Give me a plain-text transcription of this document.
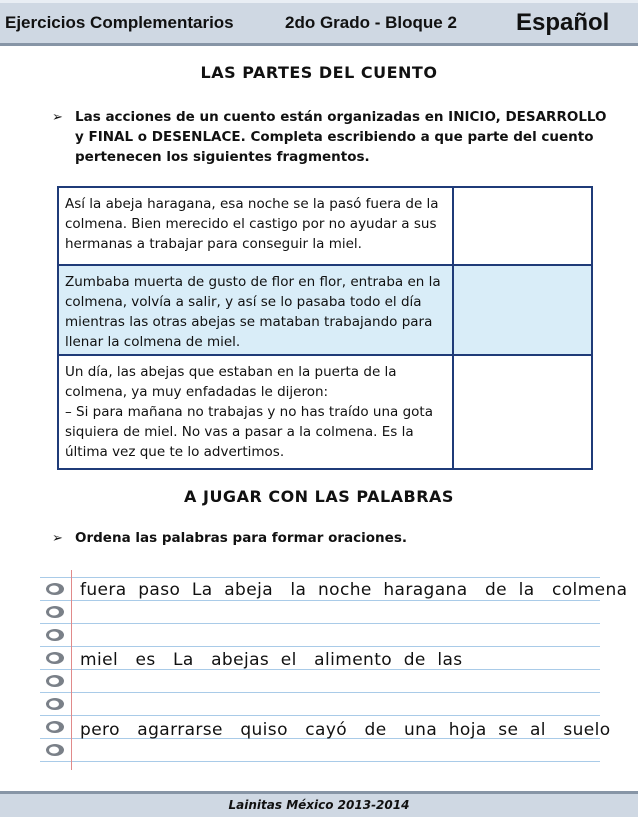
Ejercicios Complementarios	2do Grado - Bloque 2 Español
LAS PARTES DEL CUENTO
➢ Las acciones de un cuento están organizadas en INICIO, DESARROLLO
y FINAL o DESENLACE. Completa escribiendo a que parte del cuento
pertenecen los siguientes fragmentos.
Así la abeja haragana, esa noche se la pasó fuera de la
colmena. Bien merecido el castigo por no ayudar a sus
hermanas a trabajar para conseguir la miel.	

Zumbaba muerta de gusto de flor en flor, entraba en la
colmena, volvía a salir, y así se lo pasaba todo el día
mientras las otras abejas se mataban trabajando para
llenar la colmena de miel.	

Un día, las abejas que estaban en la puerta de la
colmena, ya muy enfadadas le dijeron:
– Si para mañana no trabajas y no has traído una gota
siquiera de miel. No vas a pasar a la colmena. Es la
última vez que te lo advertimos.	

A JUGAR CON LAS PALABRAS
➢ Ordena las palabras para formar oraciones.
fuera  paso  La  abeja   la  noche  haragana   de  la   colmena
miel   es   La   abejas  el   alimento  de  las
pero   agarrarse   quiso   cayó   de   una  hoja  se  al   suelo
Lainitas México 2013-2014
